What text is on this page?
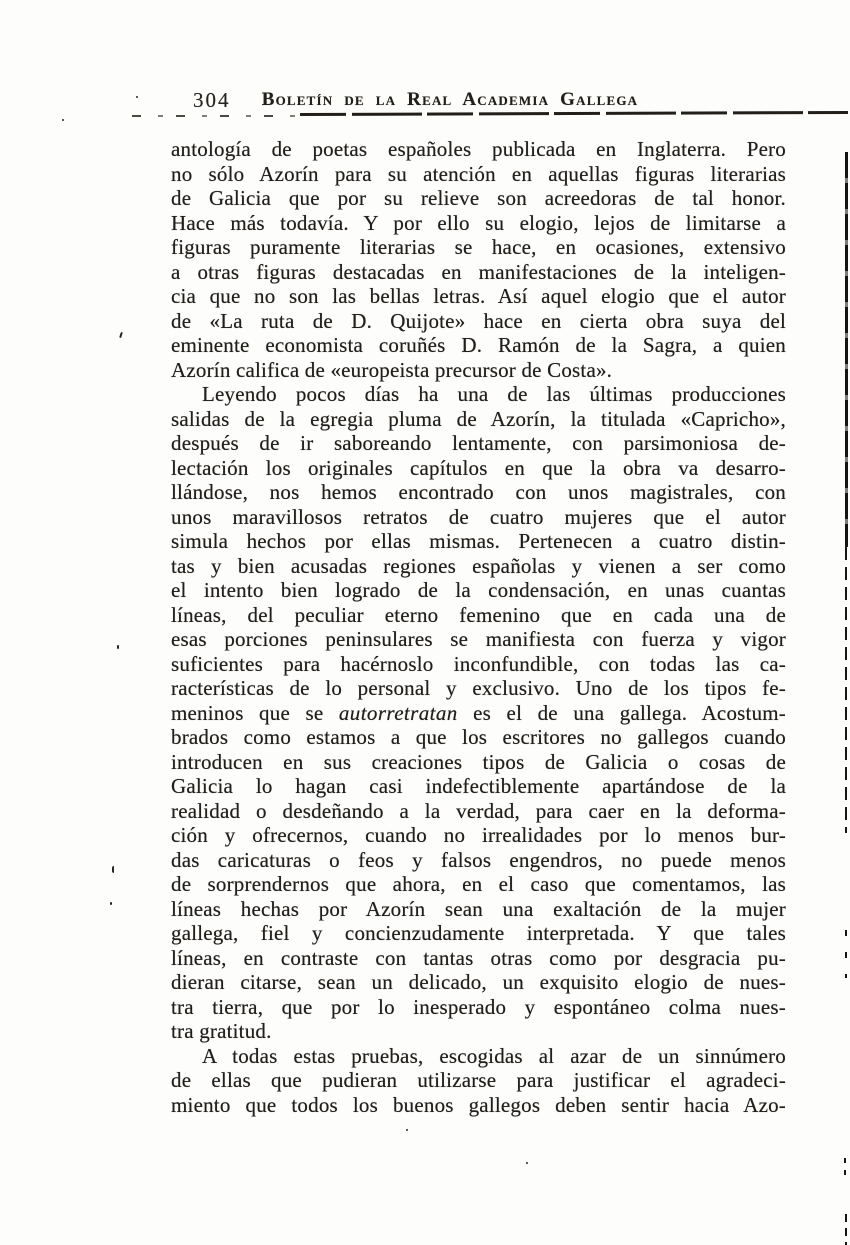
304	Boletín de la Real Academia Gallega
antología de poetas españoles publicada en Inglaterra. Pero
no sólo Azorín para su atención en aquellas figuras literarias
de Galicia que por su relieve son acreedoras de tal honor.
Hace más todavía. Y por ello su elogio, lejos de limitarse a
figuras puramente literarias se hace, en ocasiones, extensivo
a otras figuras destacadas en manifestaciones de la inteligen-
cia que no son las bellas letras. Así aquel elogio que el autor
de «La ruta de D. Quijote» hace en cierta obra suya del
eminente economista coruñés D. Ramón de la Sagra, a quien
Azorín califica de «europeista precursor de Costa».
Leyendo pocos días ha una de las últimas producciones
salidas de la egregia pluma de Azorín, la titulada «Capricho»,
después de ir saboreando lentamente, con parsimoniosa de-
lectación los originales capítulos en que la obra va desarro-
llándose, nos hemos encontrado con unos magistrales, con
unos maravillosos retratos de cuatro mujeres que el autor
simula hechos por ellas mismas. Pertenecen a cuatro distin-
tas y bien acusadas regiones españolas y vienen a ser como
el intento bien logrado de la condensación, en unas cuantas
líneas, del peculiar eterno femenino que en cada una de
esas porciones peninsulares se manifiesta con fuerza y vigor
suficientes para hacérnoslo inconfundible, con todas las ca-
racterísticas de lo personal y exclusivo. Uno de los tipos fe-
meninos que se autorretratan es el de una gallega. Acostum-
brados como estamos a que los escritores no gallegos cuando
introducen en sus creaciones tipos de Galicia o cosas de
Galicia lo hagan casi indefectiblemente apartándose de la
realidad o desdeñando a la verdad, para caer en la deforma-
ción y ofrecernos, cuando no irrealidades por lo menos bur-
das caricaturas o feos y falsos engendros, no puede menos
de sorprendernos que ahora, en el caso que comentamos, las
líneas hechas por Azorín sean una exaltación de la mujer
gallega, fiel y concienzudamente interpretada. Y que tales
líneas, en contraste con tantas otras como por desgracia pu-
dieran citarse, sean un delicado, un exquisito elogio de nues-
tra tierra, que por lo inesperado y espontáneo colma nues-
tra gratitud.
A todas estas pruebas, escogidas al azar de un sinnúmero
de ellas que pudieran utilizarse para justificar el agradeci-
miento que todos los buenos gallegos deben sentir hacia Azo-
